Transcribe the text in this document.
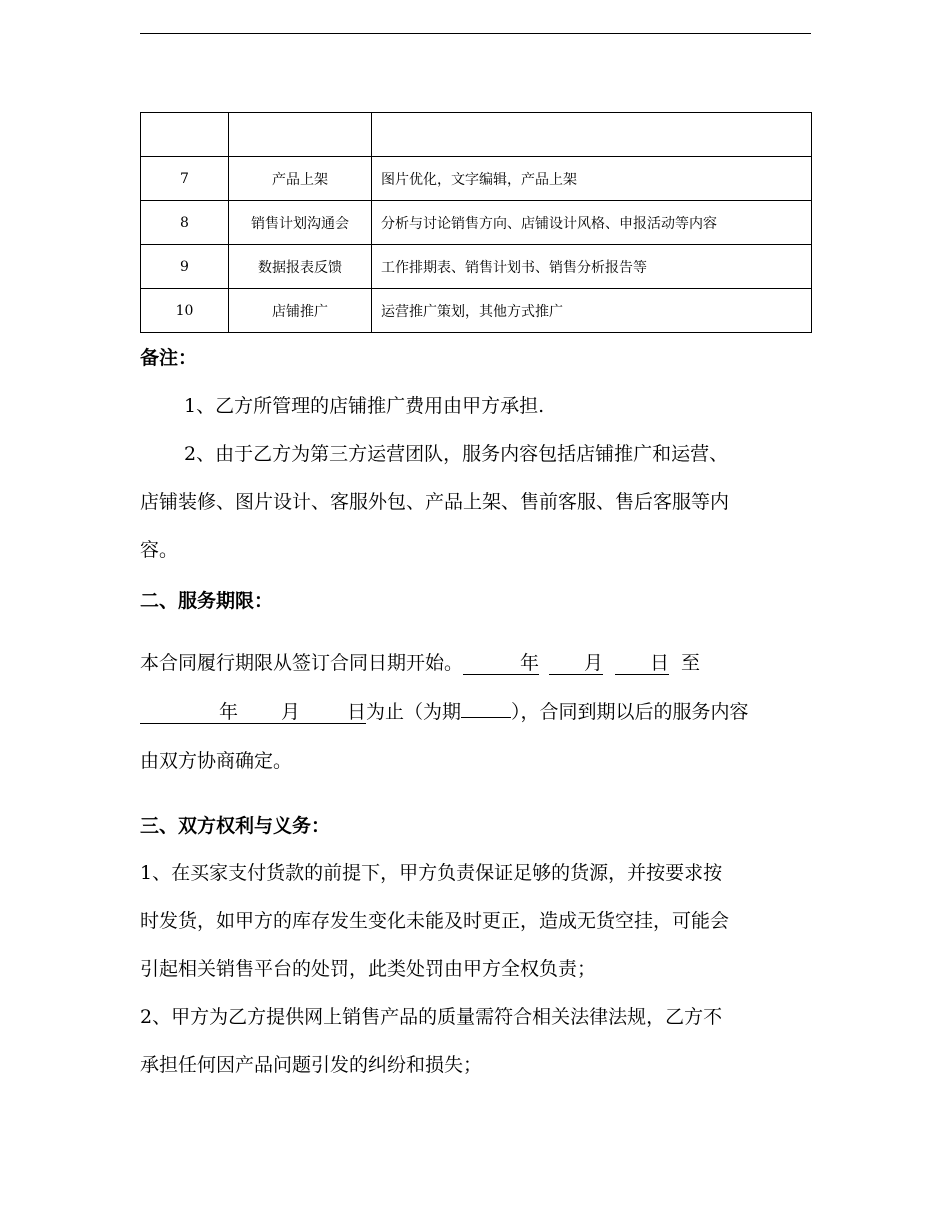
7	产品上架	图片优化，文字编辑，产品上架
8	销售计划沟通会	分析与讨论销售方向、店铺设计风格、申报活动等内容
9	数据报表反馈	工作排期表、销售计划书、销售分析报告等
10	店铺推广	运营推广策划，其他方式推广
备注：
1、乙方所管理的店铺推广费用由甲方承担.
2、由于乙方为第三方运营团队，服务内容包括店铺推广和运营、
店铺装修、图片设计、客服外包、产品上架、售前客服、售后客服等内
容。
二、服务期限：
本合同履行期限从签订合同日期开始。	年 月 日 至
年 月 日为止（为期	），合同到期以后的服务内容
由双方协商确定。
三、双方权利与义务：
1、在买家支付货款的前提下，甲方负责保证足够的货源，并按要求按
时发货，如甲方的库存发生变化未能及时更正，造成无货空挂，可能会
引起相关销售平台的处罚，此类处罚由甲方全权负责；
2、甲方为乙方提供网上销售产品的质量需符合相关法律法规，乙方不
承担任何因产品问题引发的纠纷和损失；
